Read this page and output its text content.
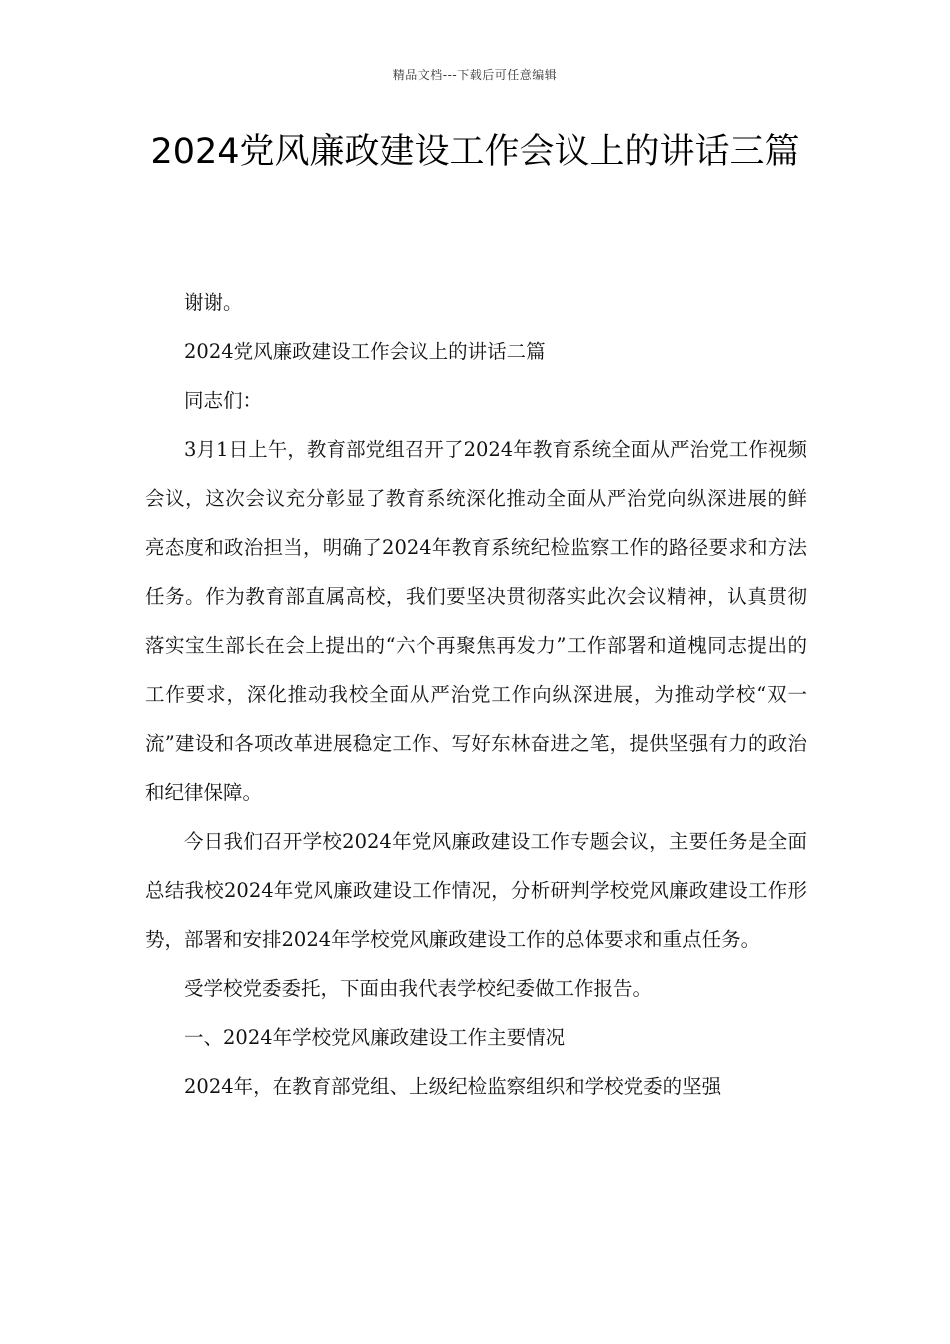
精品文档---下载后可任意编辑
2024党风廉政建设工作会议上的讲话三篇

谢谢。

2024党风廉政建设工作会议上的讲话二篇

同志们：

3月1日上午，教育部党组召开了2024年教育系统全面从严治党工作视频会议，这次会议充分彰显了教育系统深化推动全面从严治党向纵深进展的鲜亮态度和政治担当，明确了2024年教育系统纪检监察工作的路径要求和方法任务。作为教育部直属高校，我们要坚决贯彻落实此次会议精神，认真贯彻落实宝生部长在会上提出的“六个再聚焦再发力”工作部署和道槐同志提出的工作要求，深化推动我校全面从严治党工作向纵深进展，为推动学校“双一流”建设和各项改革进展稳定工作、写好东林奋进之笔，提供坚强有力的政治和纪律保障。

今日我们召开学校2024年党风廉政建设工作专题会议，主要任务是全面总结我校2024年党风廉政建设工作情况，分析研判学校党风廉政建设工作形势，部署和安排2024年学校党风廉政建设工作的总体要求和重点任务。

受学校党委委托，下面由我代表学校纪委做工作报告。

一、2024年学校党风廉政建设工作主要情况

2024年，在教育部党组、上级纪检监察组织和学校党委的坚强
